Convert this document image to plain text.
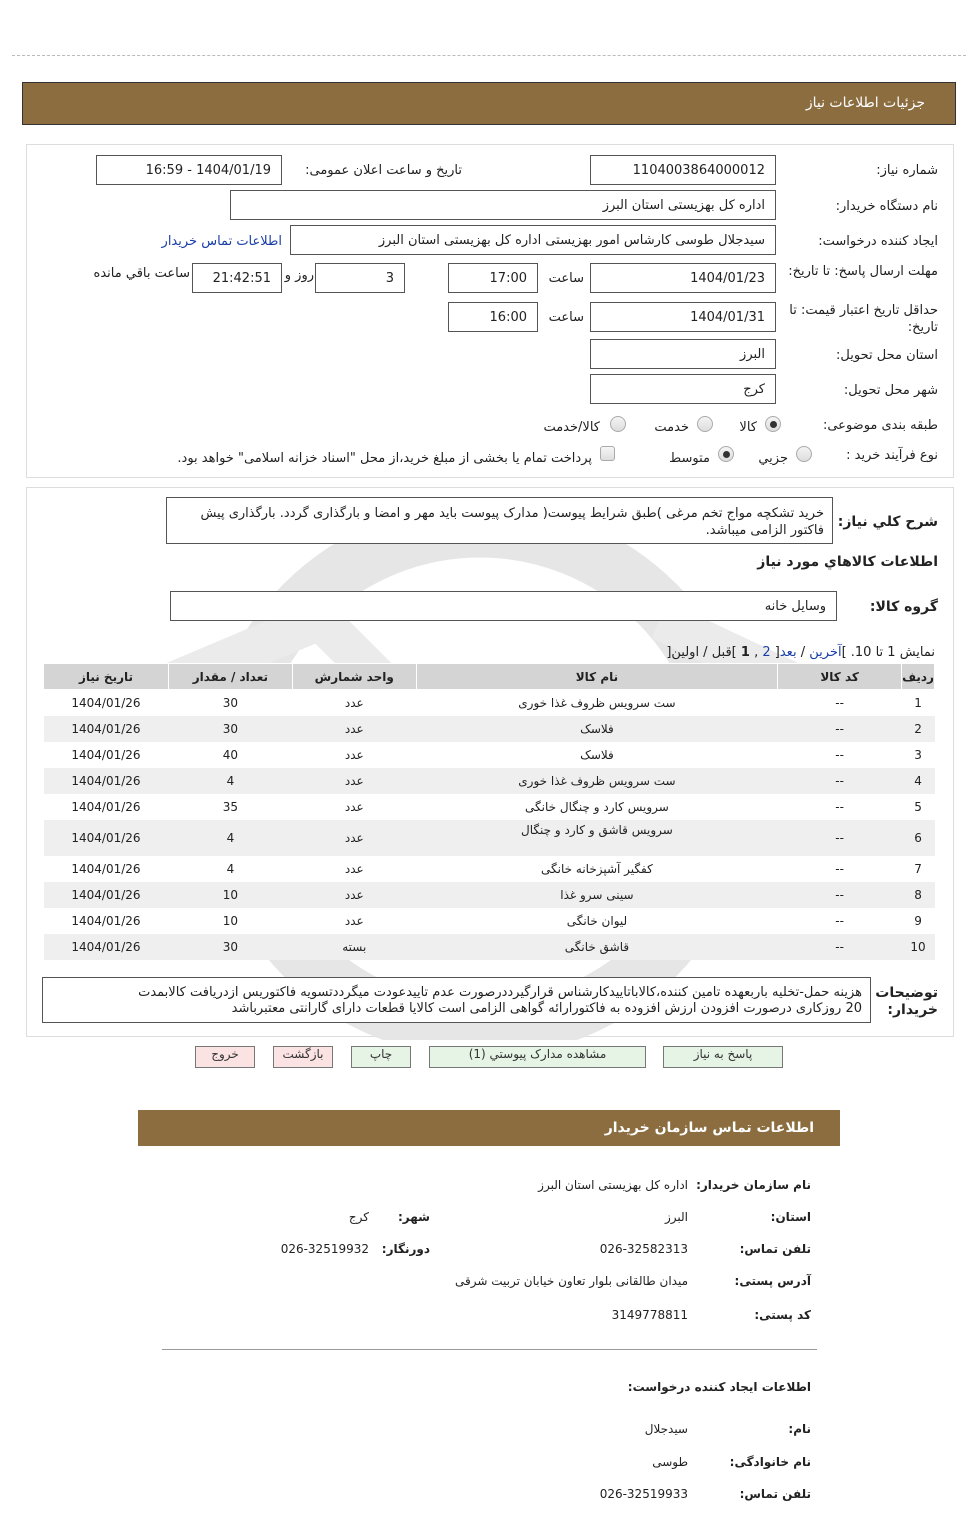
جزئیات اطلاعات نیاز
شماره نیاز:
1104003864000012
تاریخ و ساعت اعلان عمومی:
1404/01/19 - 16:59
نام دستگاه خریدار:
اداره کل بهزیستی استان البرز
ایجاد کننده درخواست:
سیدجلال طوسی کارشاس امور بهزیستی اداره کل بهزیستی استان البرز
اطلاعات تماس خریدار
مهلت ارسال پاسخ: تا تاریخ:
1404/01/23
ساعت
17:00
3
روز و
21:42:51
ساعت باقي مانده
حداقل تاریخ اعتبار قیمت: تا تاریخ:
1404/01/31
ساعت
16:00
استان محل تحویل:
البرز
شهر محل تحویل:
کرج
طبقه بندی موضوعی:
کالا
خدمت
کالا/خدمت
نوع فرآیند خرید :
جزیي
متوسط
پرداخت تمام یا بخشی از مبلغ خرید،از محل "اسناد خزانه اسلامی" خواهد بود.
شرح كلي نياز:
خرید تشکچه مواج تخم مرغی )طبق شرایط پیوست( مدارک پیوست باید مهر و امضا و بارگذاری گردد. بارگذاری پیش فاکتور الزامی میباشد.
اطلاعات كالاهاي مورد نياز
گروه کالا:
وسایل خانه
نمایش 1 تا 10. ]آخرین / بعد[ 2 , 1 ]قبل / اولین[
ردیف	کد کالا	نام کالا	واحد شمارش	تعداد / مقدار	تاریخ نیاز
1	--	ست سرویس ظروف غذا خوری	عدد	30	1404/01/26
2	--	فلاسک	عدد	30	1404/01/26
3	--	فلاسک	عدد	40	1404/01/26
4	--	ست سرویس ظروف غذا خوری	عدد	4	1404/01/26
5	--	سرویس کارد و چنگال خانگی	عدد	35	1404/01/26
6	--	سرویس قاشق و کارد و چنگال	عدد	4	1404/01/26
7	--	کفگیر آشپزخانه خانگی	عدد	4	1404/01/26
8	--	سینی سرو غذا	عدد	10	1404/01/26
9	--	لیوان خانگی	عدد	10	1404/01/26
10	--	قاشق خانگی	بسته	30	1404/01/26
توضیحات
خریدار:
هزینه حمل-تخلیه باربعهده تامین کننده،کالاباتاییدکارشناس قرارگیرددرصورت عدم تاییدعودت میگرددتسویه فاکتوریس ازدریافت کالابمدت
20 روزکاری درصورت افزودن ارزش افزوده به فاکتورارائه گواهی الزامی است کالایا قطعات دارای گارانتی معتبرباشد
پاسخ به نیاز
مشاهده مدارک پیوستي (1)
چاپ
بازگشت
خروج
اطلاعات تماس سازمان خریدار
نام سازمان خریدار:
اداره کل بهزیستی استان البرز
استان:
البرز
شهر:
کرج
تلفن تماس:
026-32582313
دورنگار:
026-32519932
آدرس پستی:
میدان طالقانی بلوار تعاون خیابان تربیت شرقی
کد پستی:
3149778811
اطلاعات ایجاد کننده درخواست:
نام:
سیدجلال
نام خانوادگی:
طوسی
تلفن تماس:
026-32519933
